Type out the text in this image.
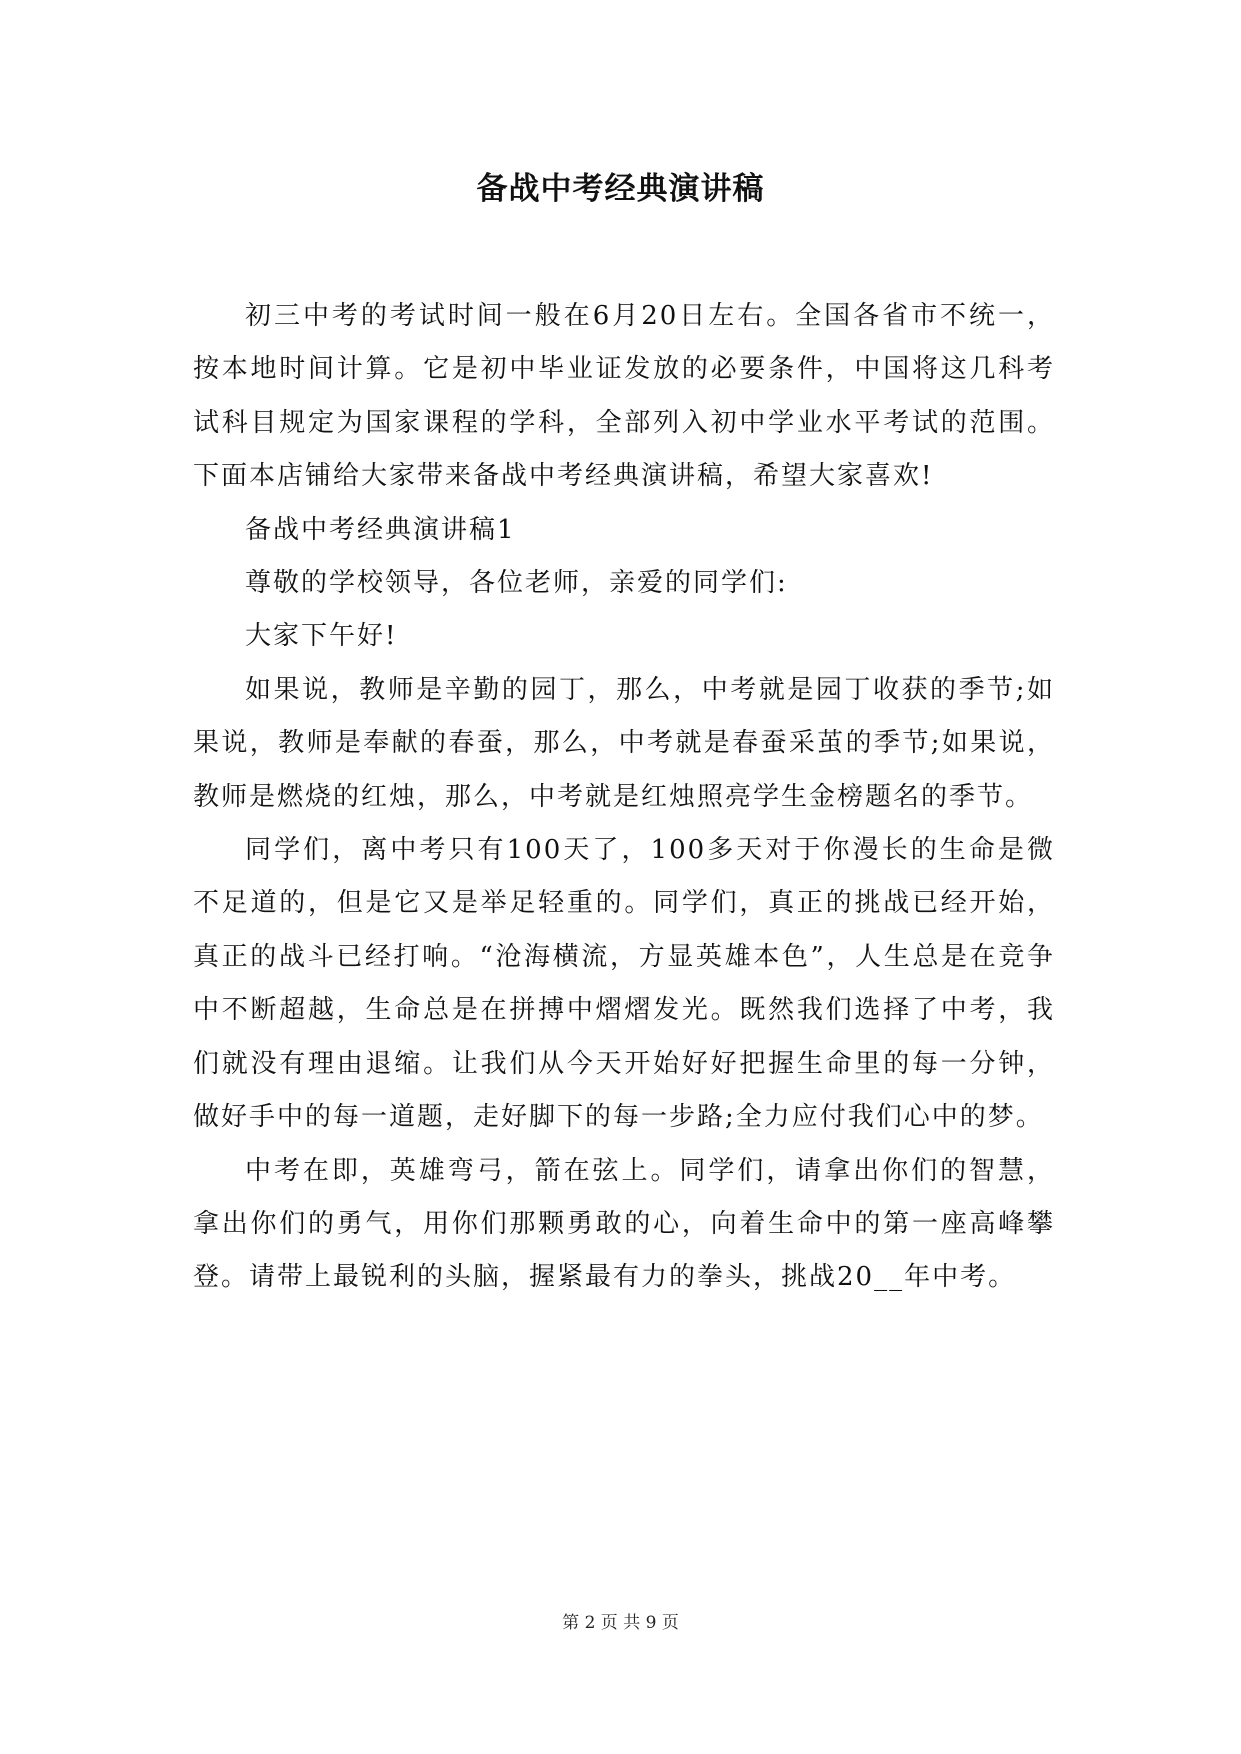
备战中考经典演讲稿

初三中考的考试时间一般在6月20日左右。全国各省市不统一，按本地时间计算。它是初中毕业证发放的必要条件，中国将这几科考试科目规定为国家课程的学科，全部列入初中学业水平考试的范围。下面本店铺给大家带来备战中考经典演讲稿，希望大家喜欢!

备战中考经典演讲稿1

尊敬的学校领导，各位老师，亲爱的同学们:

大家下午好!

如果说，教师是辛勤的园丁，那么，中考就是园丁收获的季节;如果说，教师是奉献的春蚕，那么，中考就是春蚕采茧的季节;如果说，教师是燃烧的红烛，那么，中考就是红烛照亮学生金榜题名的季节。

同学们，离中考只有100天了，100多天对于你漫长的生命是微不足道的，但是它又是举足轻重的。同学们，真正的挑战已经开始，真正的战斗已经打响。“沧海横流，方显英雄本色”，人生总是在竞争中不断超越，生命总是在拼搏中熠熠发光。既然我们选择了中考，我们就没有理由退缩。让我们从今天开始好好把握生命里的每一分钟，做好手中的每一道题，走好脚下的每一步路;全力应付我们心中的梦。

中考在即，英雄弯弓，箭在弦上。同学们，请拿出你们的智慧，拿出你们的勇气，用你们那颗勇敢的心，向着生命中的第一座高峰攀登。请带上最锐利的头脑，握紧最有力的拳头，挑战20__年中考。

第 2 页 共 9 页
